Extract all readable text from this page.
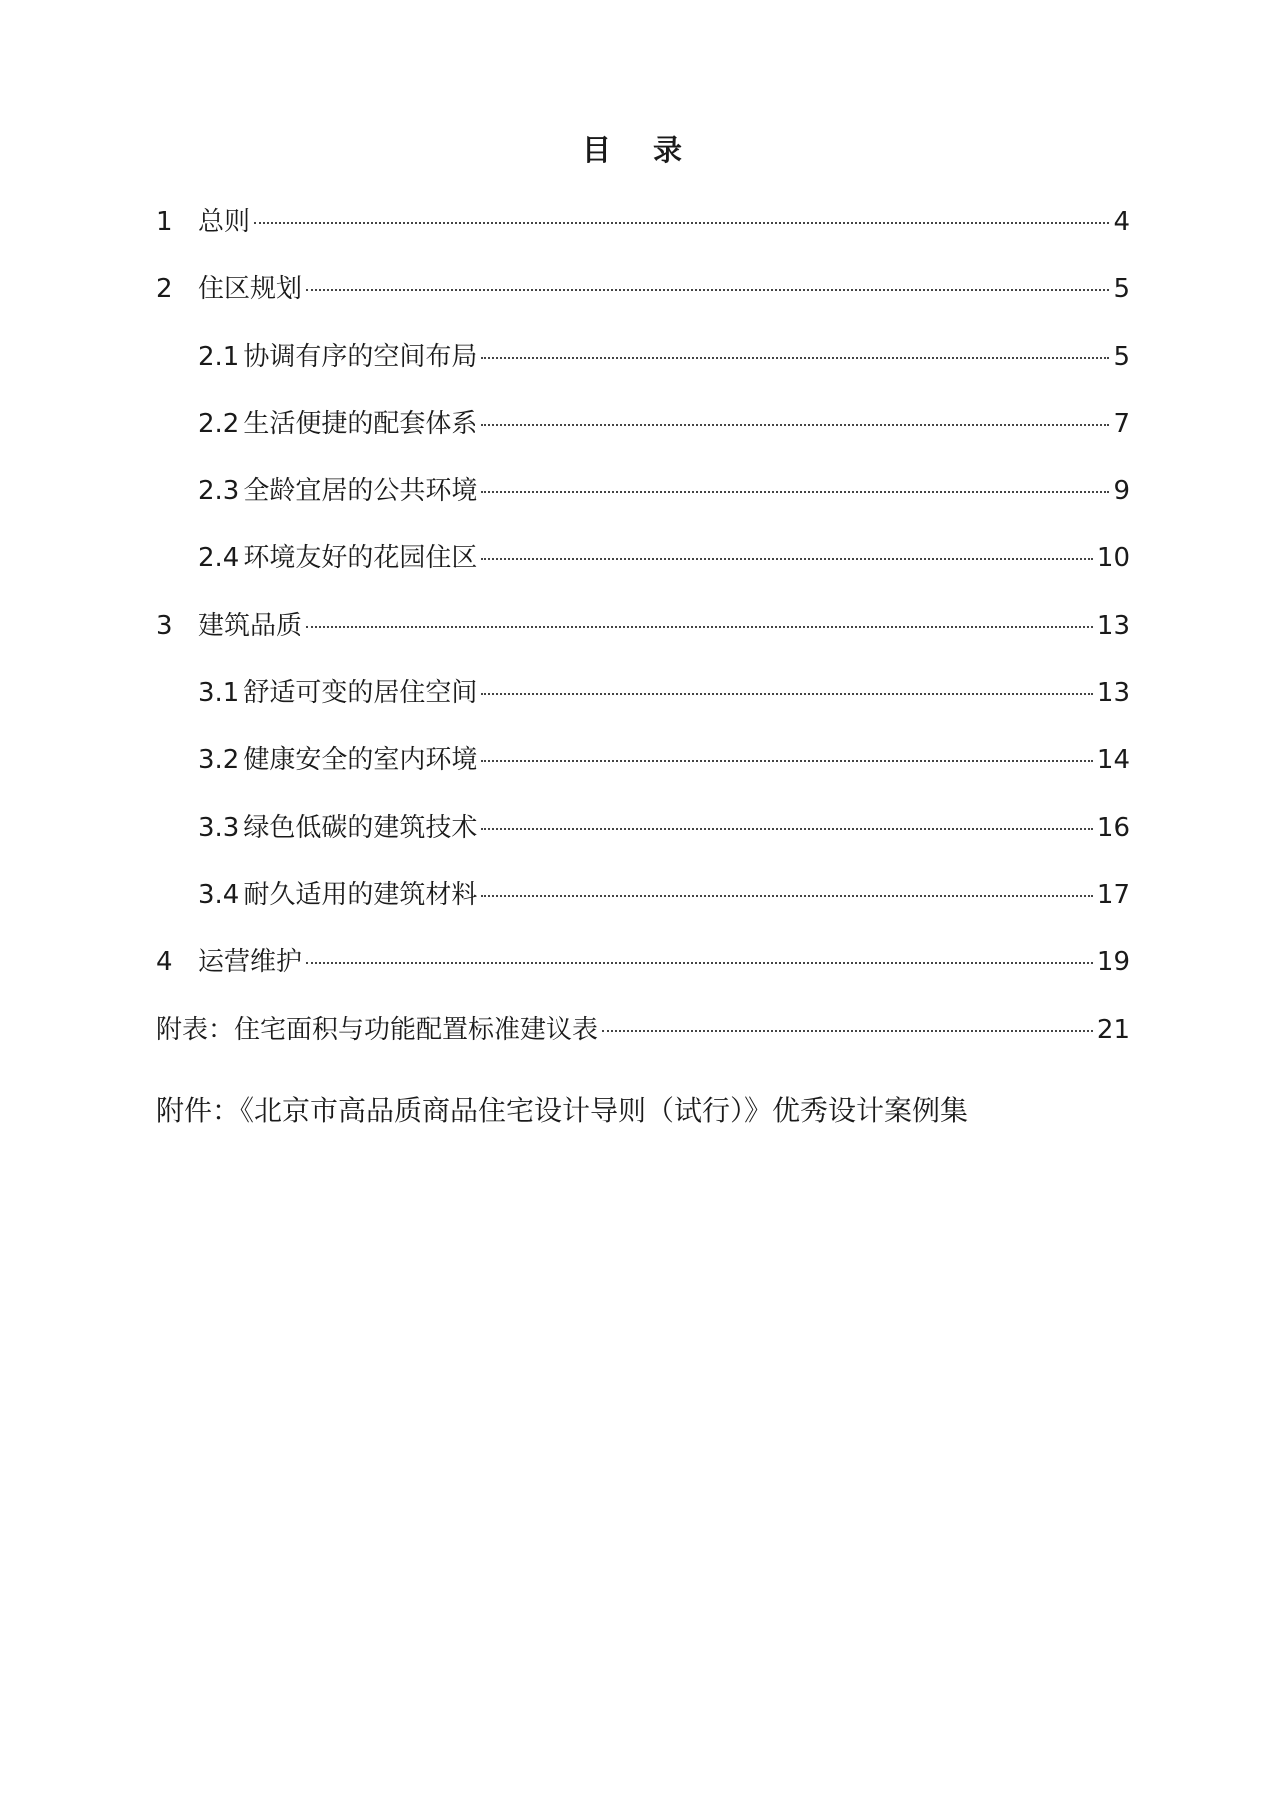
目 录
1 总则	4
2 住区规划	5
2.1 协调有序的空间布局	5
2.2 生活便捷的配套体系	7
2.3 全龄宜居的公共环境	9
2.4 环境友好的花园住区	10
3 建筑品质	13
3.1 舒适可变的居住空间	13
3.2 健康安全的室内环境	14
3.3 绿色低碳的建筑技术	16
3.4 耐久适用的建筑材料	17
4 运营维护	19
附表：住宅面积与功能配置标准建议表	21
附件：《北京市高品质商品住宅设计导则（试行）》优秀设计案例集
